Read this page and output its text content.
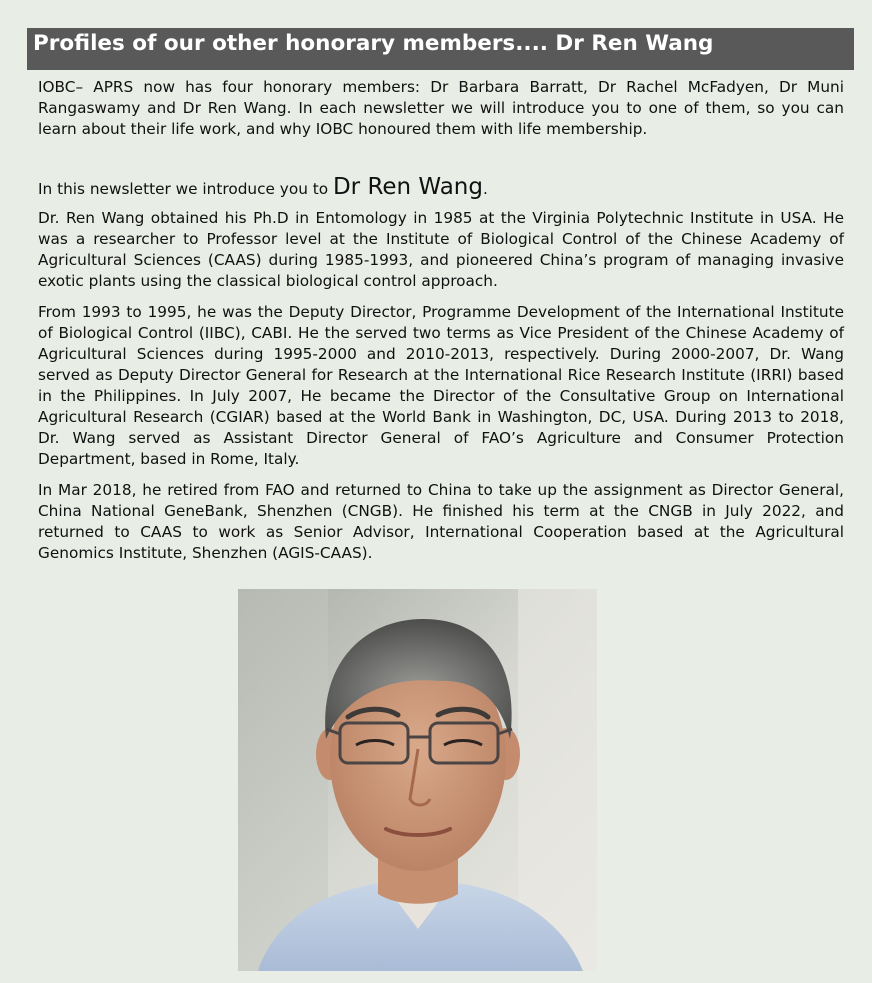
Profiles of our other honorary members.... Dr Ren Wang

IOBC– APRS now has four honorary members: Dr Barbara Barratt, Dr Rachel McFadyen, Dr Muni Rangaswamy and Dr Ren Wang. In each newsletter we will introduce you to one of them, so you can learn about their life work, and why IOBC honoured them with life membership.

In this newsletter we introduce you to Dr Ren Wang.

Dr. Ren Wang obtained his Ph.D in Entomology in 1985 at the Virginia Polytechnic Institute in USA. He was a researcher to Professor level at the Institute of Biological Control of the Chinese Academy of Agricultural Sciences (CAAS) during 1985-1993, and pioneered China’s program of managing invasive exotic plants using the classical biological control approach.

From 1993 to 1995, he was the Deputy Director, Programme Development of the International Institute of Biological Control (IIBC), CABI. He the served two terms as Vice President of the Chinese Academy of Agricultural Sciences during 1995-2000 and 2010-2013, respectively. During 2000-2007, Dr. Wang served as Deputy Director General for Research at the International Rice Research Institute (IRRI) based in the Philippines. In July 2007, He became the Director of the Consultative Group on International Agricultural Research (CGIAR) based at the World Bank in Washington, DC, USA. During 2013 to 2018, Dr. Wang served as Assistant Director General of FAO’s Agriculture and Consumer Protection Department, based in Rome, Italy.

In Mar 2018, he retired from FAO and returned to China to take up the assignment as Director General, China National GeneBank, Shenzhen (CNGB). He finished his term at the CNGB in July 2022, and returned to CAAS to work as Senior Advisor, International Cooperation based at the Agricultural Genomics Institute, Shenzhen (AGIS-CAAS).
